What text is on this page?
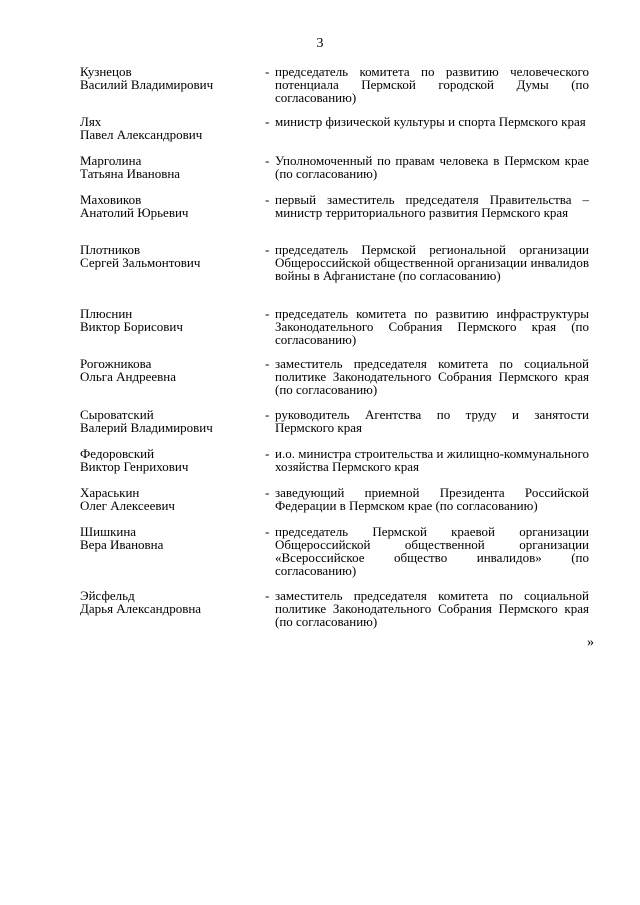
3
Кузнецов
Василий Владимирович
- председатель комитета по развитию человеческого потенциала Пермской городской Думы (по согласованию)
Лях
Павел Александрович
- министр физической культуры и спорта Пермского края
Марголина
Татьяна Ивановна
- Уполномоченный по правам человека в Пермском крае (по согласованию)
Маховиков
Анатолий Юрьевич
- первый заместитель председателя Правительства – министр территориального развития Пермского края
Плотников
Сергей Зальмонтович
- председатель Пермской региональной организации Общероссийской общественной организации инвалидов войны в Афганистане (по согласованию)
Плюснин
Виктор Борисович
- председатель комитета по развитию инфраструктуры Законодательного Собрания Пермского края (по согласованию)
Рогожникова
Ольга Андреевна
- заместитель председателя комитета по социальной политике Законодательного Собрания Пермского края (по согласованию)
Сыроватский
Валерий Владимирович
- руководитель Агентства по труду и занятости Пермского края
Федоровский
Виктор Генрихович
- и.о. министра строительства и жилищно-коммунального хозяйства Пермского края
Хараськин
Олег Алексеевич
- заведующий приемной Президента Российской Федерации в Пермском крае (по согласованию)
Шишкина
Вера Ивановна
- председатель Пермской краевой организации Общероссийской общественной организации «Всероссийское общество инвалидов» (по согласованию)
Эйсфельд
Дарья Александровна
- заместитель председателя комитета по социальной политике Законодательного Собрания Пермского края (по согласованию)
»
